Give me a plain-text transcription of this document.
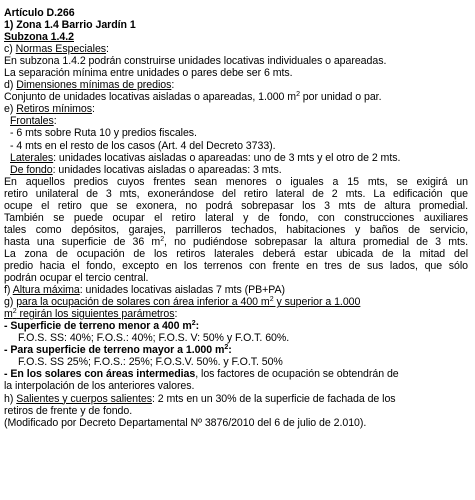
Artículo D.266
1) Zona 1.4 Barrio Jardín 1
Subzona 1.4.2
c) Normas Especiales:
En subzona 1.4.2 podrán construirse unidades locativas individuales o apareadas.
La separación mínima entre unidades o pares debe ser 6 mts.
d) Dimensiones mínimas de predios:
Conjunto de unidades locativas aisladas o apareadas, 1.000 $m^2$ por unidad o par.
e) Retiros mínimos:
Frontales:
- 6 mts sobre Ruta 10 y predios fiscales.
- 4 mts en el resto de los casos (Art. 4 del Decreto 3733).
Laterales: unidades locativas aisladas o apareadas: uno de 3 mts y el otro de 2 mts.
De fondo: unidades locativas aisladas o apareadas: 3 mts.
En aquellos predios cuyos frentes sean menores o iguales a 15 mts, se exigirá un
retiro unilateral de 3 mts, exonerándose del retiro lateral de 2 mts. La edificación que
ocupe el retiro que se exonera, no podrá sobrepasar los 3 mts de altura promedial.
También se puede ocupar el retiro lateral y de fondo, con construcciones auxiliares
tales como depósitos, garajes, parrilleros techados, habitaciones y baños de servicio,
hasta una superficie de 36 $m^2$, no pudiéndose sobrepasar la altura promedial de 3 mts.
La zona de ocupación de los retiros laterales deberá estar ubicada de la mitad del
predio hacia el fondo, excepto en los terrenos con frente en tres de sus lados, que sólo
podrán ocupar el tercio central.
f) Altura máxima: unidades locativas aisladas 7 mts (PB+PA)
g) para la ocupación de solares con área inferior a 400 $m^2$ y superior a 1.000
$m^2$ regirán los siguientes parámetros:
- Superficie de terreno menor a 400 $m^2$:
F.O.S. SS: 40%; F.O.S.: 40%; F.O.S. V: 50% y F.O.T. 60%.
- Para superficie de terreno mayor a 1.000 $m^2$:
F.O.S. SS 25%; F.O.S.: 25%; F.O.S.V. 50%. y F.O.T. 50%
- En los solares con áreas intermedias, los factores de ocupación se obtendrán de
la interpolación de los anteriores valores.
h) Salientes y cuerpos salientes: 2 mts en un 30% de la superficie de fachada de los
retiros de frente y de fondo.
(Modificado por Decreto Departamental Nº 3876/2010 del 6 de julio de 2.010).
